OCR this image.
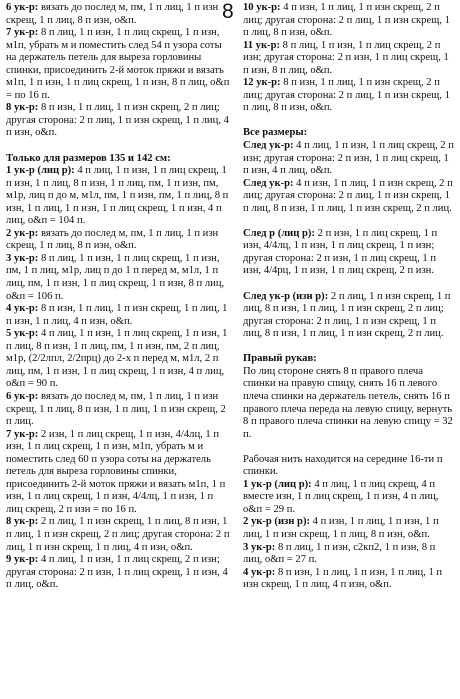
8

6 ук-р: вязать до послед м, пм, 1 п лиц, 1 п изн скрещ, 1 п лиц, 8 п изн, о&п.

7 ук-р: 8 п лиц, 1 п изн, 1 п лиц скрещ, 1 п изн, м1п, убрать м и поместить след 54 п узора соты на держатель петель для выреза горловины спинки, присоединить 2-й моток пряжи и вязать м1п, 1 п изн, 1 п лиц скрещ, 1 п изн, 8 п лиц, о&п = по 16 п.

8 ук-р: 8 п изн, 1 п лиц, 1 п изн скрещ, 2 п лиц; другая сторона: 2 п лиц, 1 п изн скрещ, 1 п лиц, 4 п изн, о&п.

Только для размеров 135 и 142 см:

1 ук-р (лиц р): 4 п лиц, 1 п изн, 1 п лиц скрещ, 1 п изн, 1 п лиц, 8 п изн, 1 п лиц, пм, 1 п изн, пм, м1р, лиц п до м, м1л, пм, 1 п изн, пм, 1 п лиц, 8 п изн, 1 п лиц, 1 п изн, 1 п лиц скрещ, 1 п изн, 4 п лиц, о&п = 104 п.

2 ук-р: вязать до послед м, пм, 1 п лиц, 1 п изн скрещ, 1 п лиц, 8 п изн, о&п.

3 ук-р: 8 п лиц, 1 п изн, 1 п лиц скрещ, 1 п изн, пм, 1 п лиц, м1р, лиц п до 1 п перед м, м1л, 1 п лиц, пм, 1 п изн, 1 п лиц скрещ, 1 п изн, 8 п лиц, о&п = 106 п.

4 ук-р: 8 п изн, 1 п лиц, 1 п изн скрещ, 1 п лиц, 1 п изн, 1 п лиц, 4 п изн, о&п.

5 ук-р: 4 п лиц, 1 п изн, 1 п лиц скрещ, 1 п изн, 1 п лиц, 8 п изн, 1 п лиц, пм, 1 п изн, пм, 2 п лиц, м1р, (2/2лпл, 2/2прц) до 2-х п перед м, м1л, 2 п лиц, пм, 1 п изн, 1 п лиц скрещ, 1 п изн, 4 п лиц, о&п = 90 п.

6 ук-р: вязать до послед м, пм, 1 п лиц, 1 п изн скрещ, 1 п лиц, 8 п изн, 1 п лиц, 1 п изн скрещ, 2 п лиц.

7 ук-р: 2 изн, 1 п лиц скрещ, 1 п изн, 4/4лц, 1 п изн, 1 п лиц скрещ, 1 п изн, м1п, убрать м и поместить след 60 п узора соты на держатель петель для выреза горловины спинки, присоединить 2-й моток пряжи и вязать м1п, 1 п изн, 1 п лиц скрещ, 1 п изн, 4/4лц, 1 п изн, 1 п лиц скрещ, 2 п изн = по 16 п.

8 ук-р: 2 п лиц, 1 п изн скрещ, 1 п лиц, 8 п изн, 1 п лиц, 1 п изн скрещ, 2 п лиц; другая сторона: 2 п лиц, 1 п изн скрещ, 1 п лиц, 4 п изн, о&п.

9 ук-р: 4 п лиц, 1 п изн, 1 п лиц скрещ, 2 п изн; другая сторона: 2 п изн, 1 п лиц скрещ, 1 п изн, 4 п лиц, о&п.

10 ук-р: 4 п изн, 1 п лиц, 1 п изн скрещ, 2 п лиц; другая сторона: 2 п лиц, 1 п изн скрещ, 1 п лиц, 8 п изн, о&п.

11 ук-р: 8 п лиц, 1 п изн, 1 п лиц скрещ, 2 п изн; другая сторона: 2 п изн, 1 п лиц скрещ, 1 п изн, 8 п лиц, о&п.

12 ук-р: 8 п изн, 1 п лиц, 1 п изн скрещ, 2 п лиц; другая сторона: 2 п лиц, 1 п изн скрещ, 1 п лиц, 8 п изн, о&п.

Все размеры:

След ук-р: 4 п лиц, 1 п изн, 1 п лиц скрещ, 2 п изн; другая сторона: 2 п изн, 1 п лиц скрещ, 1 п изн, 4 п лиц, о&п.

След ук-р: 4 п изн, 1 п лиц, 1 п изн скрещ, 2 п лиц; другая сторона: 2 п лиц, 1 п изн скрещ, 1 п лиц, 8 п изн, 1 п лиц, 1 п изн скрещ, 2 п лиц.

След р (лиц р): 2 п изн, 1 п лиц скрещ, 1 п изн, 4/4лц, 1 п изн, 1 п лиц скрещ, 1 п изн; другая сторона: 2 п изн, 1 п лиц скрещ, 1 п изн, 4/4рц, 1 п изн, 1 п лиц скрещ, 2 п изн.

След ук-р (изн р): 2 п лиц, 1 п изн скрещ, 1 п лиц, 8 п изн, 1 п лиц, 1 п изн скрещ, 2 п лиц; другая сторона: 2 п лиц, 1 п изн скрещ, 1 п лиц, 8 п изн, 1 п лиц, 1 п изн скрещ, 2 п лиц.

Правый рукав:

По лиц стороне снять 8 п правого плеча спинки на правую спицу, снять 16 п левого плеча спинки на держатель петель, снять 16 п правого плеча переда на левую спицу, вернуть 8 п правого плеча спинки на левую спицу = 32 п.

Рабочая нить находится на середине 16-ти п спинки.

1 ук-р (лиц р): 4 п лиц, 1 п лиц скрещ, 4 п вместе изн, 1 п лиц скрещ, 1 п изн, 4 п лиц, о&п = 29 п.

2 ук-р (изн р): 4 п изн, 1 п лиц, 1 п изн, 1 п лиц, 1 п изн скрещ, 1 п лиц, 8 п изн, о&п.

3 ук-р: 8 п лиц, 1 п изн, с2кп2, 1 п изн, 8 п лиц, о&п = 27 п.

4 ук-р: 8 п изн, 1 п лиц, 1 п изн, 1 п лиц, 1 п изн скрещ, 1 п лиц, 4 п изн, о&п.
